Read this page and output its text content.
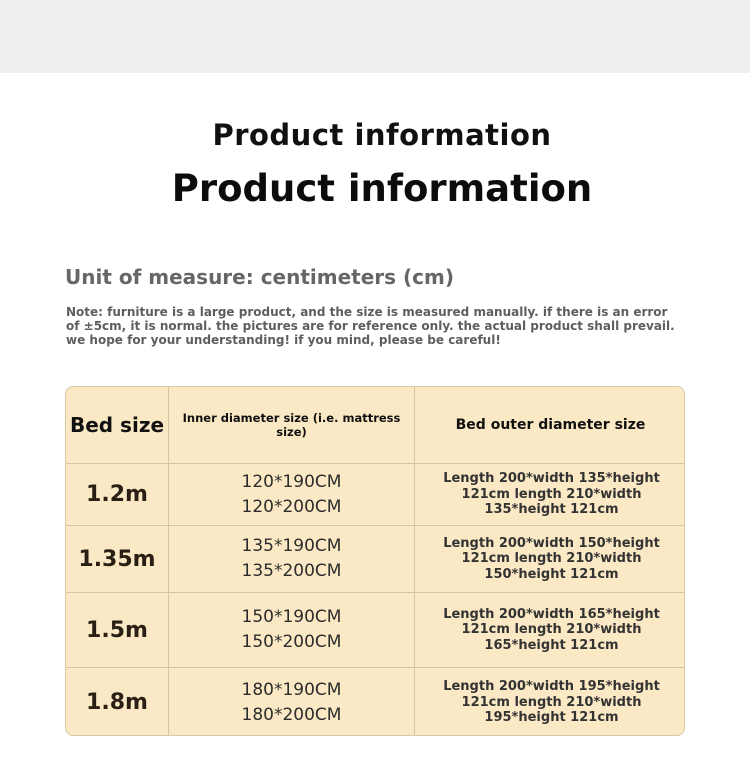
Product information
Product information
Unit of measure: centimeters (cm)
Note: furniture is a large product, and the size is measured manually. if there is an error of ±5cm, it is normal. the pictures are for reference only. the actual product shall prevail. we hope for your understanding! if you mind, please be careful!
Bed size	Inner diameter size (i.e. mattress size)	Bed outer diameter size
1.2m
120*190CM
120*200CM
Length 200*width 135*height 121cm length 210*width 135*height 121cm
1.35m
135*190CM
135*200CM
Length 200*width 150*height 121cm length 210*width 150*height 121cm
1.5m
150*190CM
150*200CM
Length 200*width 165*height 121cm length 210*width 165*height 121cm
1.8m
180*190CM
180*200CM
Length 200*width 195*height 121cm length 210*width 195*height 121cm
